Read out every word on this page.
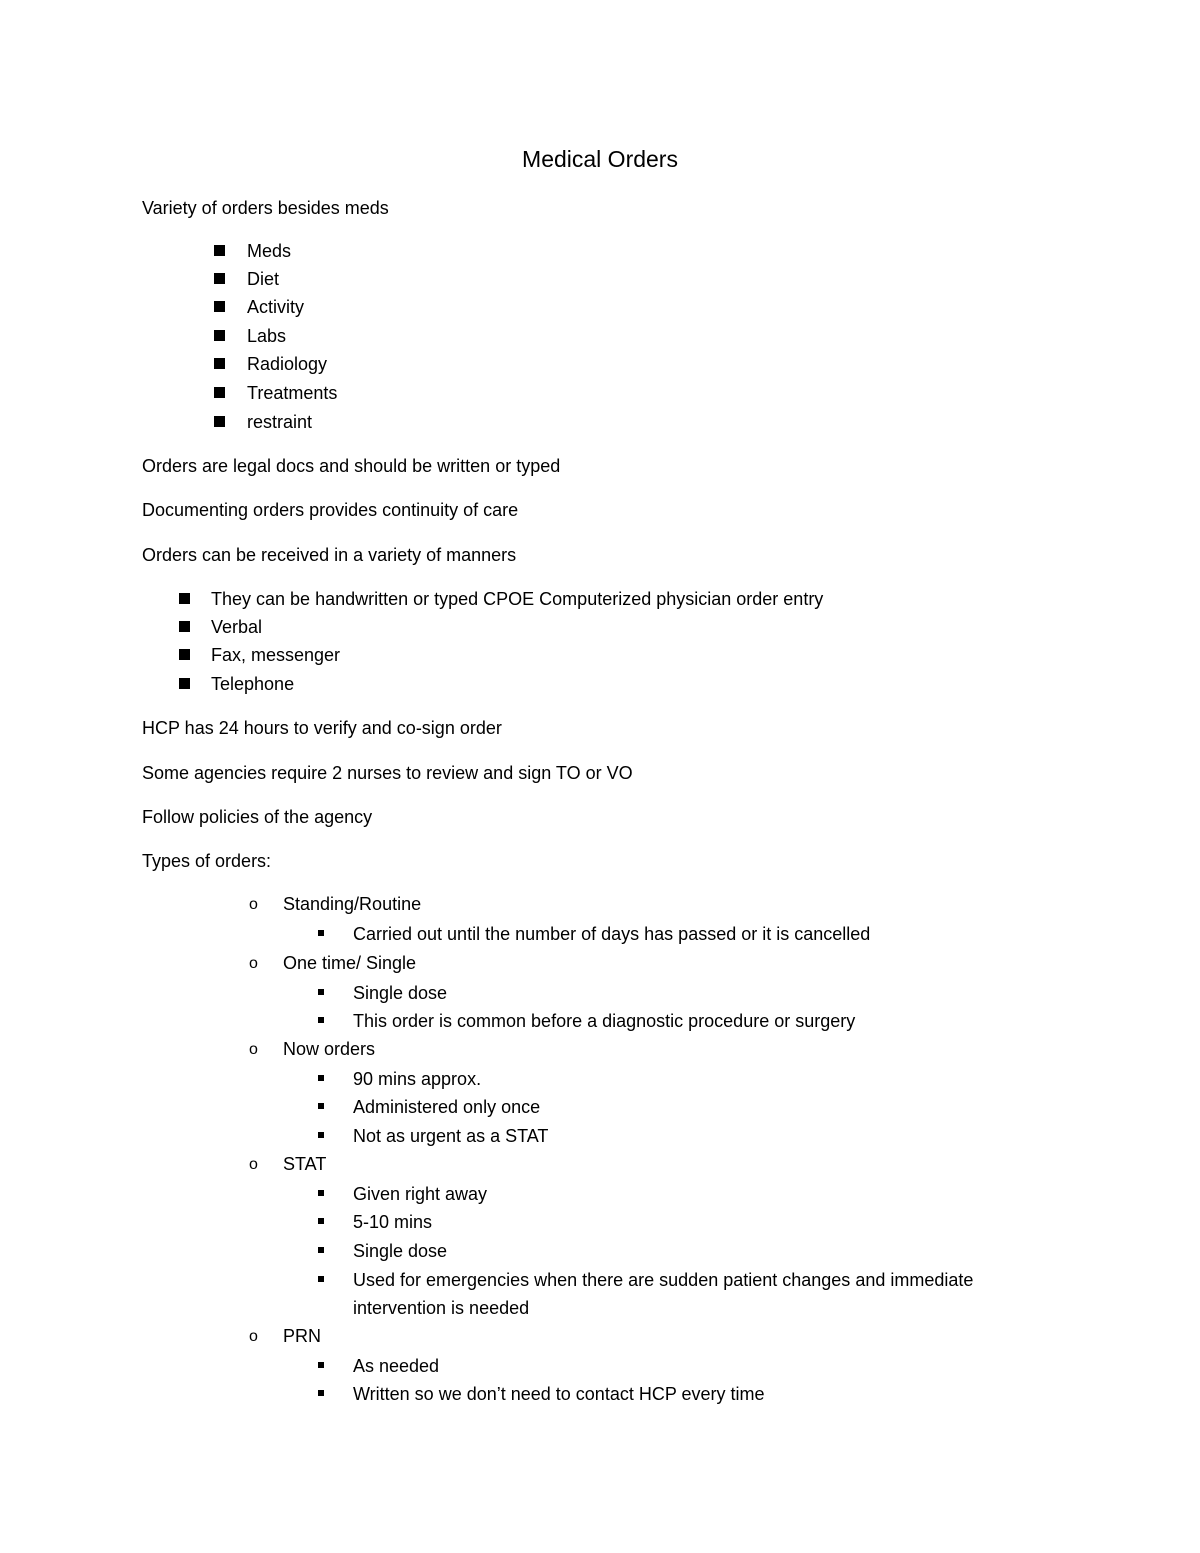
Medical Orders
Variety of orders besides meds
Meds
Diet
Activity
Labs
Radiology
Treatments
restraint
Orders are legal docs and should be written or typed
Documenting orders provides continuity of care
Orders can be received in a variety of manners
They can be handwritten or typed CPOE Computerized physician order entry
Verbal
Fax, messenger
Telephone
HCP has 24 hours to verify and co-sign order
Some agencies require 2 nurses to review and sign TO or VO
Follow policies of the agency
Types of orders:
o Standing/Routine
Carried out until the number of days has passed or it is cancelled
o One time/ Single
Single dose
This order is common before a diagnostic procedure or surgery
o Now orders
90 mins approx.
Administered only once
Not as urgent as a STAT
o STAT
Given right away
5-10 mins
Single dose
Used for emergencies when there are sudden patient changes and immediate
intervention is needed
o PRN
As needed
Written so we don’t need to contact HCP every time
